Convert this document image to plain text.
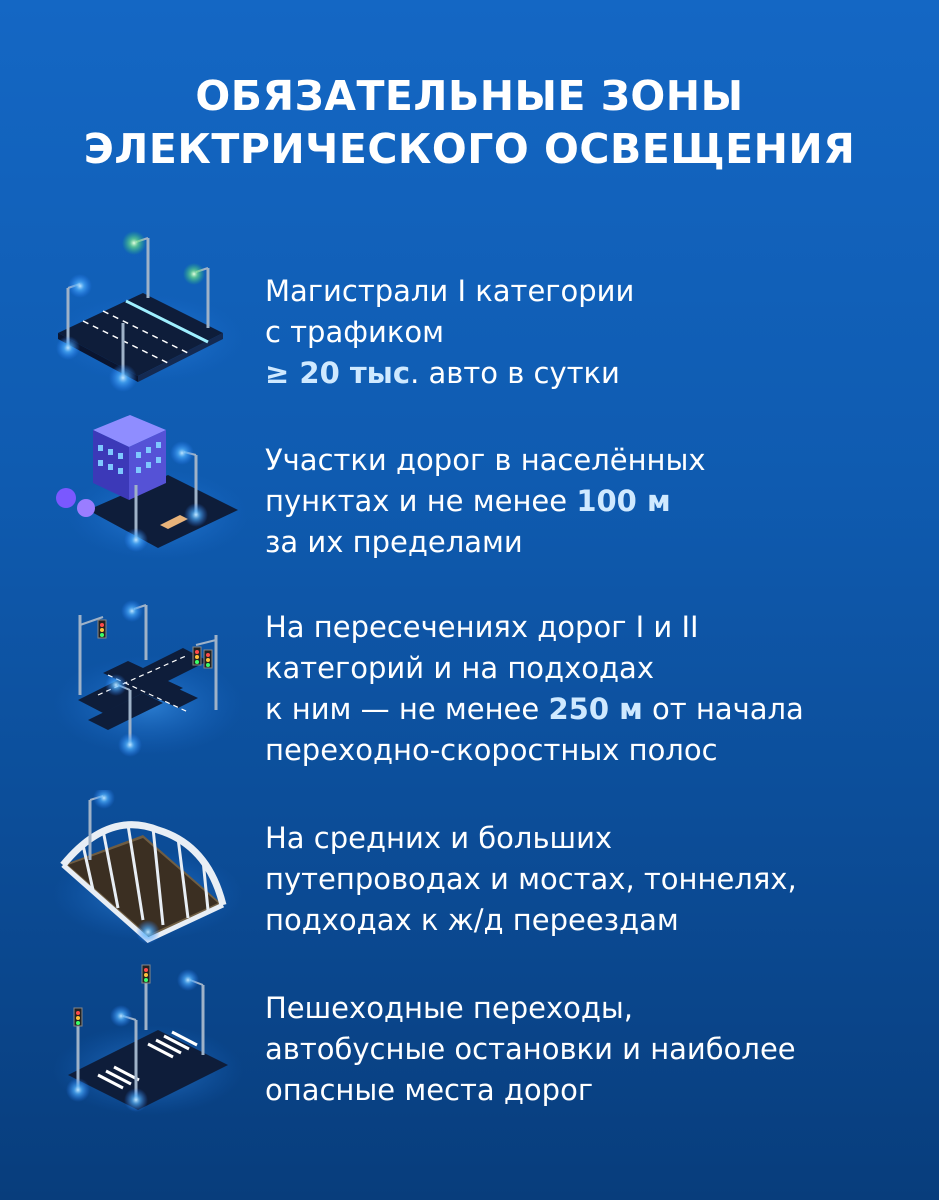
ОБЯЗАТЕЛЬНЫЕ ЗОНЫ
ЭЛЕКТРИЧЕСКОГО ОСВЕЩЕНИЯ
Магистрали I категории
с трафиком
≥ 20 тыс. авто в сутки
Участки дорог в населённых
пунктах и не менее 100 м
за их пределами
На пересечениях дорог I и II
категорий и на подходах
к ним — не менее 250 м от начала
переходно-скоростных полос
На средних и больших
путепроводах и мостах, тоннелях,
подходах к ж/д переездам
Пешеходные переходы,
автобусные остановки и наиболее
опасные места дорог
